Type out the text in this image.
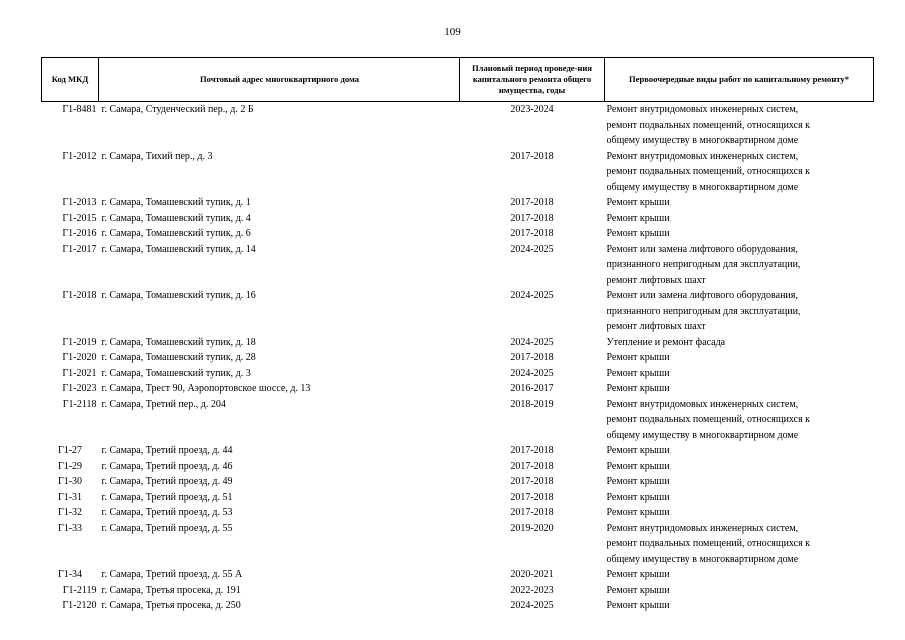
109
Код МКД	Почтовый адрес многоквартирного дома	Плановый период проведе-ния капитального ремонта общего имущества, годы	Первоочередные виды работ по капитальному ремонту*
Г1-8481	г. Самара, Студенческий пер., д. 2 Б	2023-2024	Ремонт внутридомовых инженерных систем,
ремонт подвальных помещений, относящихся к
общему имуществу в многоквартирном доме

Г1-2012	г. Самара, Тихий пер., д. 3	2017-2018	Ремонт внутридомовых инженерных систем,
ремонт подвальных помещений, относящихся к
общему имуществу в многоквартирном доме

Г1-2013	г. Самара, Томашевский тупик, д. 1	2017-2018	Ремонт крыши

Г1-2015	г. Самара, Томашевский тупик, д. 4	2017-2018	Ремонт крыши

Г1-2016	г. Самара, Томашевский тупик, д. 6	2017-2018	Ремонт крыши

Г1-2017	г. Самара, Томашевский тупик, д. 14	2024-2025	Ремонт или замена лифтового оборудования,
признанного непригодным для эксплуатации,
ремонт лифтовых шахт

Г1-2018	г. Самара, Томашевский тупик, д. 16	2024-2025	Ремонт или замена лифтового оборудования,
признанного непригодным для эксплуатации,
ремонт лифтовых шахт

Г1-2019	г. Самара, Томашевский тупик, д. 18	2024-2025	Утепление и ремонт фасада

Г1-2020	г. Самара, Томашевский тупик, д. 28	2017-2018	Ремонт крыши

Г1-2021	г. Самара, Томашевский тупик, д. 3	2024-2025	Ремонт крыши

Г1-2023	г. Самара, Трест 90, Аэропортовское шоссе, д. 13	2016-2017	Ремонт крыши

Г1-2118	г. Самара, Третий пер., д. 204	2018-2019	Ремонт внутридомовых инженерных систем,
ремонт подвальных помещений, относящихся к
общему имуществу в многоквартирном доме

Г1-27	г. Самара, Третий проезд, д. 44	2017-2018	Ремонт крыши

Г1-29	г. Самара, Третий проезд, д. 46	2017-2018	Ремонт крыши

Г1-30	г. Самара, Третий проезд, д. 49	2017-2018	Ремонт крыши

Г1-31	г. Самара, Третий проезд, д. 51	2017-2018	Ремонт крыши

Г1-32	г. Самара, Третий проезд, д. 53	2017-2018	Ремонт крыши

Г1-33	г. Самара, Третий проезд, д. 55	2019-2020	Ремонт внутридомовых инженерных систем,
ремонт подвальных помещений, относящихся к
общему имуществу в многоквартирном доме

Г1-34	г. Самара, Третий проезд, д. 55 А	2020-2021	Ремонт крыши

Г1-2119	г. Самара, Третья просека, д. 191	2022-2023	Ремонт крыши

Г1-2120	г. Самара, Третья просека, д. 250	2024-2025	Ремонт крыши
